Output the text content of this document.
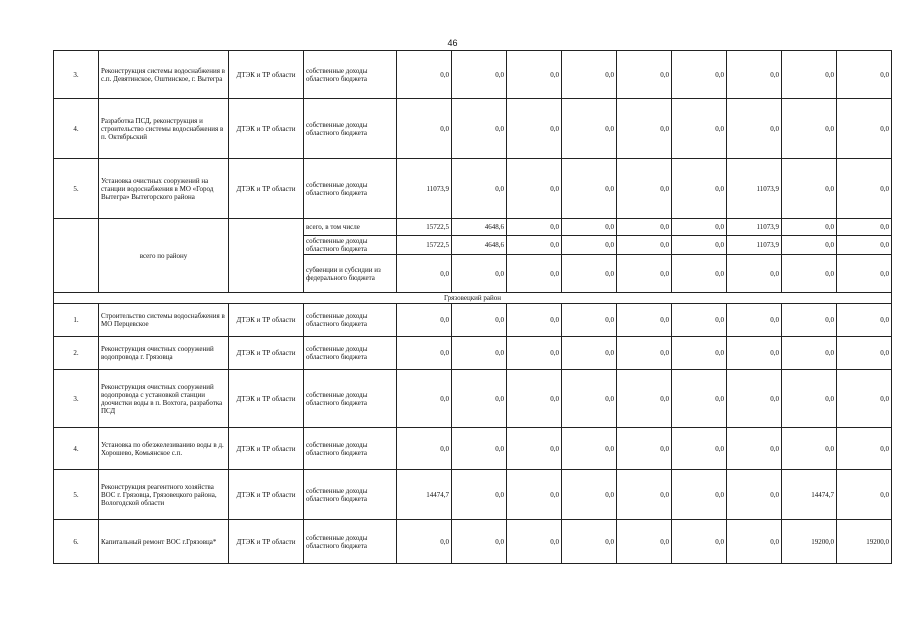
46
3.	Реконструкция системы водоснабжения в с.п. Девятинское, Оштинское, г. Вытегра	ДТЭК и ТР области	собственные доходы областного бюджета	0,0	0,0	0,0	0,0	0,0	0,0	0,0	0,0	0,0
4.	Разработка ПСД, реконструкция и строительство системы водоснабжения в п. Октябрьский	ДТЭК и ТР области	собственные доходы областного бюджета	0,0	0,0	0,0	0,0	0,0	0,0	0,0	0,0	0,0
5.	Установка очистных сооружений на станции водоснабжения в МО «Город Вытегра» Вытегорского района	ДТЭК и ТР области	собственные доходы областного бюджета	11073,9	0,0	0,0	0,0	0,0	0,0	11073,9	0,0	0,0
	всего по району		всего, в том числе	15722,5	4648,6	0,0	0,0	0,0	0,0	11073,9	0,0	0,0
			собственные доходы областного бюджета	15722,5	4648,6	0,0	0,0	0,0	0,0	11073,9	0,0	0,0
			субвенции и субсидии из федерального бюджета	0,0	0,0	0,0	0,0	0,0	0,0	0,0	0,0	0,0
Грязовецкий район												
1.	Строительство системы водоснабжения в МО Перцевское	ДТЭК и ТР области	собственные доходы областного бюджета	0,0	0,0	0,0	0,0	0,0	0,0	0,0	0,0	0,0
2.	Реконструкция очистных сооружений водопровода г. Грязовца	ДТЭК и ТР области	собственные доходы областного бюджета	0,0	0,0	0,0	0,0	0,0	0,0	0,0	0,0	0,0
3.	Реконструкция очистных сооружений водопровода с установкой станции доочистки воды в п. Вохтога, разработка ПСД	ДТЭК и ТР области	собственные доходы областного бюджета	0,0	0,0	0,0	0,0	0,0	0,0	0,0	0,0	0,0
4.	Установка по обезжелезиванию воды в д. Хорошево, Комьянское с.п.	ДТЭК и ТР области	собственные доходы областного бюджета	0,0	0,0	0,0	0,0	0,0	0,0	0,0	0,0	0,0
5.	Реконструкция реагентного хозяйства ВОС г. Грязовца, Грязовецкого района, Вологодской области	ДТЭК и ТР области	собственные доходы областного бюджета	14474,7	0,0	0,0	0,0	0,0	0,0	0,0	14474,7	0,0
6.	Капитальный ремонт ВОС г.Грязовца*	ДТЭК и ТР области	собственные доходы областного бюджета	0,0	0,0	0,0	0,0	0,0	0,0	0,0	19200,0	19200,0
